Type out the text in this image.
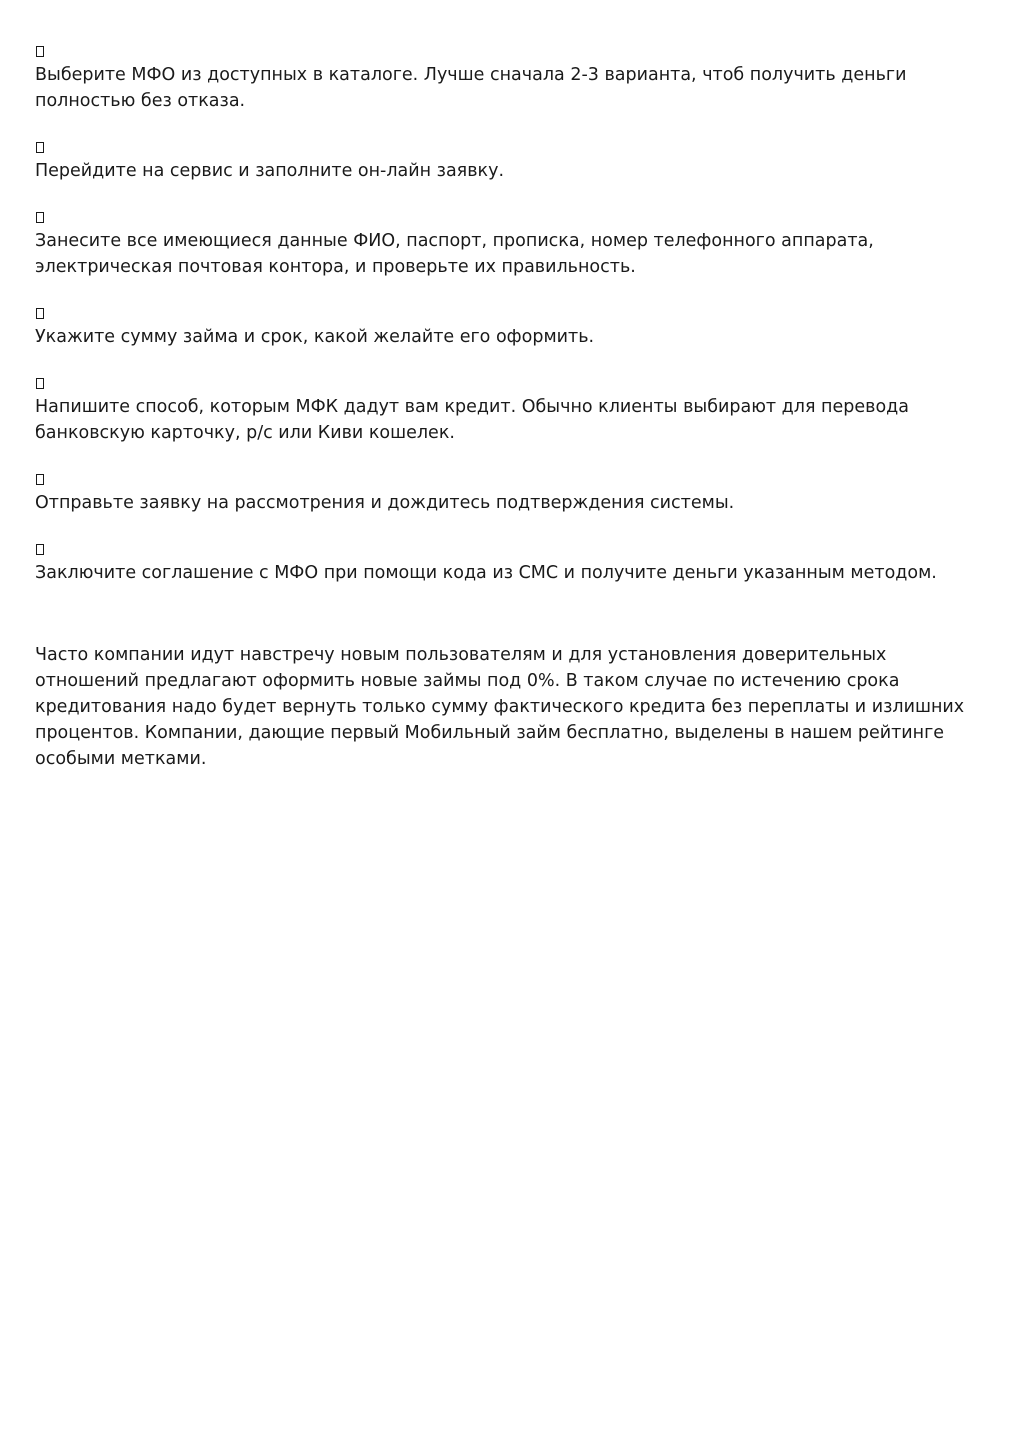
Выберите МФО из доступных в каталоге. Лучше сначала 2-3 варианта, чтоб получить деньги полностью без отказа.

Перейдите на сервис и заполните он-лайн заявку.

Занесите все имеющиеся данные ФИО, паспорт, прописка, номер телефонного аппарата, электрическая почтовая контора, и проверьте их правильность.

Укажите сумму займа и срок, какой желайте его оформить.

Напишите способ, которым МФК дадут вам кредит. Обычно клиенты выбирают для перевода банковскую карточку, р/с или Киви кошелек.

Отправьте заявку на рассмотрения и дождитесь подтверждения системы.

Заключите соглашение с МФО при помощи кода из СМС и получите деньги указанным методом.

Часто компании идут навстречу новым пользователям и для установления доверительных отношений предлагают оформить новые займы под 0%. В таком случае по истечению срока кредитования надо будет вернуть только сумму фактического кредита без переплаты и излишних процентов. Компании, дающие первый Мобильный займ бесплатно, выделены в нашем рейтинге особыми метками.
